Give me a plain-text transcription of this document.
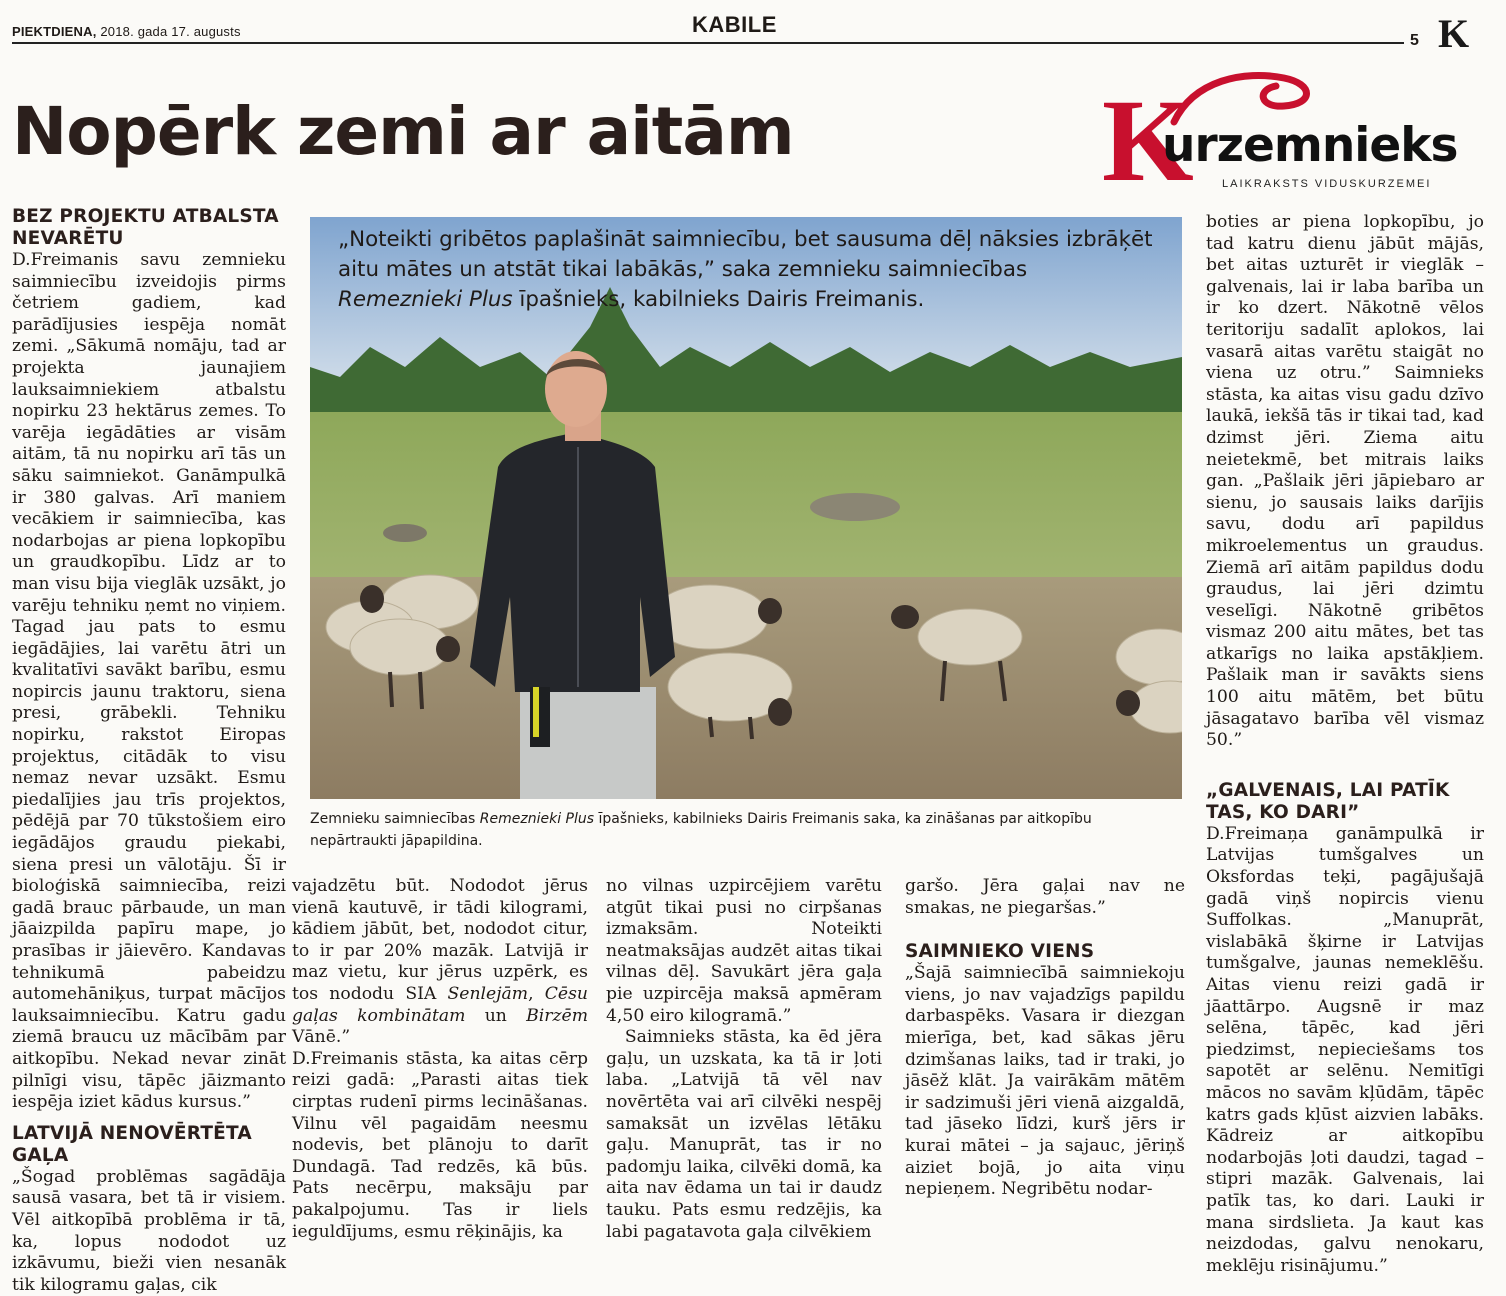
PIEKTDIENA, 2018. gada 17. augusts	KABILE
5 K
Nopērk zemi ar aitām	K
urzemnieks
LAIKRAKSTS VIDUSKURZEMEI
BEZ PROJEKTU ATBALSTA NEVARĒTU

D.Freimanis savu zemnieku saimniecību izveidojis pirms četriem gadiem, kad parādījusies iespēja nomāt zemi. „Sākumā nomāju, tad ar projekta jaunajiem lauksaimniekiem atbalstu nopirku 23 hektārus zemes. To varēja iegādāties ar visām aitām, tā nu nopirku arī tās un sāku saimniekot. Ganāmpulkā ir 380 galvas. Arī maniem vecākiem ir saimniecība, kas nodarbojas ar piena lopkopību un graudkopību. Līdz ar to man visu bija vieglāk uzsākt, jo varēju tehniku ņemt no viņiem. Tagad jau pats to esmu iegādājies, lai varētu ātri un kvalitatīvi savākt barību, esmu nopircis jaunu traktoru, siena presi, grābekli. Tehniku nopirku, rakstot Eiropas projektus, citādāk to visu nemaz nevar uzsākt. Esmu piedalījies jau trīs projektos, pēdējā par 70 tūkstošiem eiro iegādājos graudu piekabi, siena presi un vālotāju. Šī ir bioloģiskā saimniecība, reizi gadā brauc pārbaude, un man jāaizpilda papīru mape, jo prasības ir jāievēro. Kandavas tehnikumā pabeidzu automehāniķus, turpat mācījos lauksaimniecību. Katru gadu ziemā braucu uz mācībām par aitkopību. Nekad nevar zināt pilnīgi visu, tāpēc jāizmanto iespēja iziet kādus kursus.”

LATVIJĀ NENOVĒRTĒTA GAĻA

„Šogad problēmas sagādāja sausā vasara, bet tā ir visiem. Vēl aitkopībā problēma ir tā, ka, lopus nododot uz izkāvumu, bieži vien nesanāk tik kilogramu gaļas, cik

„Noteikti gribētos paplašināt saimniecību, bet sausuma dēļ nāksies izbrāķēt aitu mātes un atstāt tikai labākās,” saka zemnieku saimniecības Remeznieki Plus īpašnieks, kabilnieks Dairis Freimanis.
Zemnieku saimniecības Remeznieki Plus īpašnieks, kabilnieks Dairis Freimanis saka, ka zināšanas par aitkopību nepārtraukti jāpapildina.

vajadzētu būt. Nododot jērus vienā kautuvē, ir tādi kilogrami, kādiem jābūt, bet, nododot citur, to ir par 20% mazāk. Latvijā ir maz vietu, kur jērus uzpērk, es tos nododu SIA Senlejām, Cēsu gaļas kombinātam un Birzēm Vānē.”

D.Freimanis stāsta, ka aitas cērp reizi gadā: „Parasti aitas tiek cirptas rudenī pirms lecināšanas. Vilnu vēl pagaidām neesmu nodevis, bet plānoju to darīt Dundagā. Tad redzēs, kā būs. Pats necērpu, maksāju par pakalpojumu. Tas ir liels ieguldījums, esmu rēķinājis, ka

no vilnas uzpircējiem varētu atgūt tikai pusi no cirpšanas izmaksām. Noteikti neatmaksājas audzēt aitas tikai vilnas dēļ. Savukārt jēra gaļa pie uzpircēja maksā apmēram 4,50 eiro kilogramā.”

Saimnieks stāsta, ka ēd jēra gaļu, un uzskata, ka tā ir ļoti laba. „Latvijā tā vēl nav novērtēta vai arī cilvēki nespēj samaksāt un izvēlas lētāku gaļu. Manuprāt, tas ir no padomju laika, cilvēki domā, ka aita nav ēdama un tai ir daudz tauku. Pats esmu redzējis, ka labi pagatavota gaļa cilvēkiem

garšo. Jēra gaļai nav ne smakas, ne piegaršas.”

SAIMNIEKO VIENS

„Šajā saimniecībā saimniekoju viens, jo nav vajadzīgs papildu darbaspēks. Vasara ir diezgan mierīga, bet, kad sākas jēru dzimšanas laiks, tad ir traki, jo jāsēž klāt. Ja vairākām mātēm ir sadzimuši jēri vienā aizgaldā, tad jāseko līdzi, kurš jērs ir kurai mātei – ja sajauc, jēriņš aiziet bojā, jo aita viņu nepieņem. Negribētu nodar-

boties ar piena lopkopību, jo tad katru dienu jābūt mājās, bet aitas uzturēt ir vieglāk – galvenais, lai ir laba barība un ir ko dzert. Nākotnē vēlos teritoriju sadalīt aplokos, lai vasarā aitas varētu staigāt no viena uz otru.” Saimnieks stāsta, ka aitas visu gadu dzīvo laukā, iekšā tās ir tikai tad, kad dzimst jēri. Ziema aitu neietekmē, bet mitrais laiks gan. „Pašlaik jēri jāpiebaro ar sienu, jo sausais laiks darījis savu, dodu arī papildus mikroelementus un graudus. Ziemā arī aitām papildus dodu graudus, lai jēri dzimtu veselīgi. Nākotnē gribētos vismaz 200 aitu mātes, bet tas atkarīgs no laika apstākļiem. Pašlaik man ir savākts siens 100 aitu mātēm, bet būtu jāsagatavo barība vēl vismaz 50.”

„GALVENAIS, LAI PATĪK TAS, KO DARI”

D.Freimaņa ganāmpulkā ir Latvijas tumšgalves un Oksfordas teķi, pagājušajā gadā viņš nopircis vienu Suffolkas. „Manuprāt, vislabākā šķirne ir Latvijas tumšgalve, jaunas nemeklēšu. Aitas vienu reizi gadā ir jāattārpo. Augsnē ir maz selēna, tāpēc, kad jēri piedzimst, nepieciešams tos sapotēt ar selēnu. Nemitīgi mācos no savām kļūdām, tāpēc katrs gads kļūst aizvien labāks. Kādreiz ar aitkopību nodarbojās ļoti daudzi, tagad – stipri mazāk. Galvenais, lai patīk tas, ko dari. Lauki ir mana sirdslieta. Ja kaut kas neizdodas, galvu nenokaru, meklēju risinājumu.”
